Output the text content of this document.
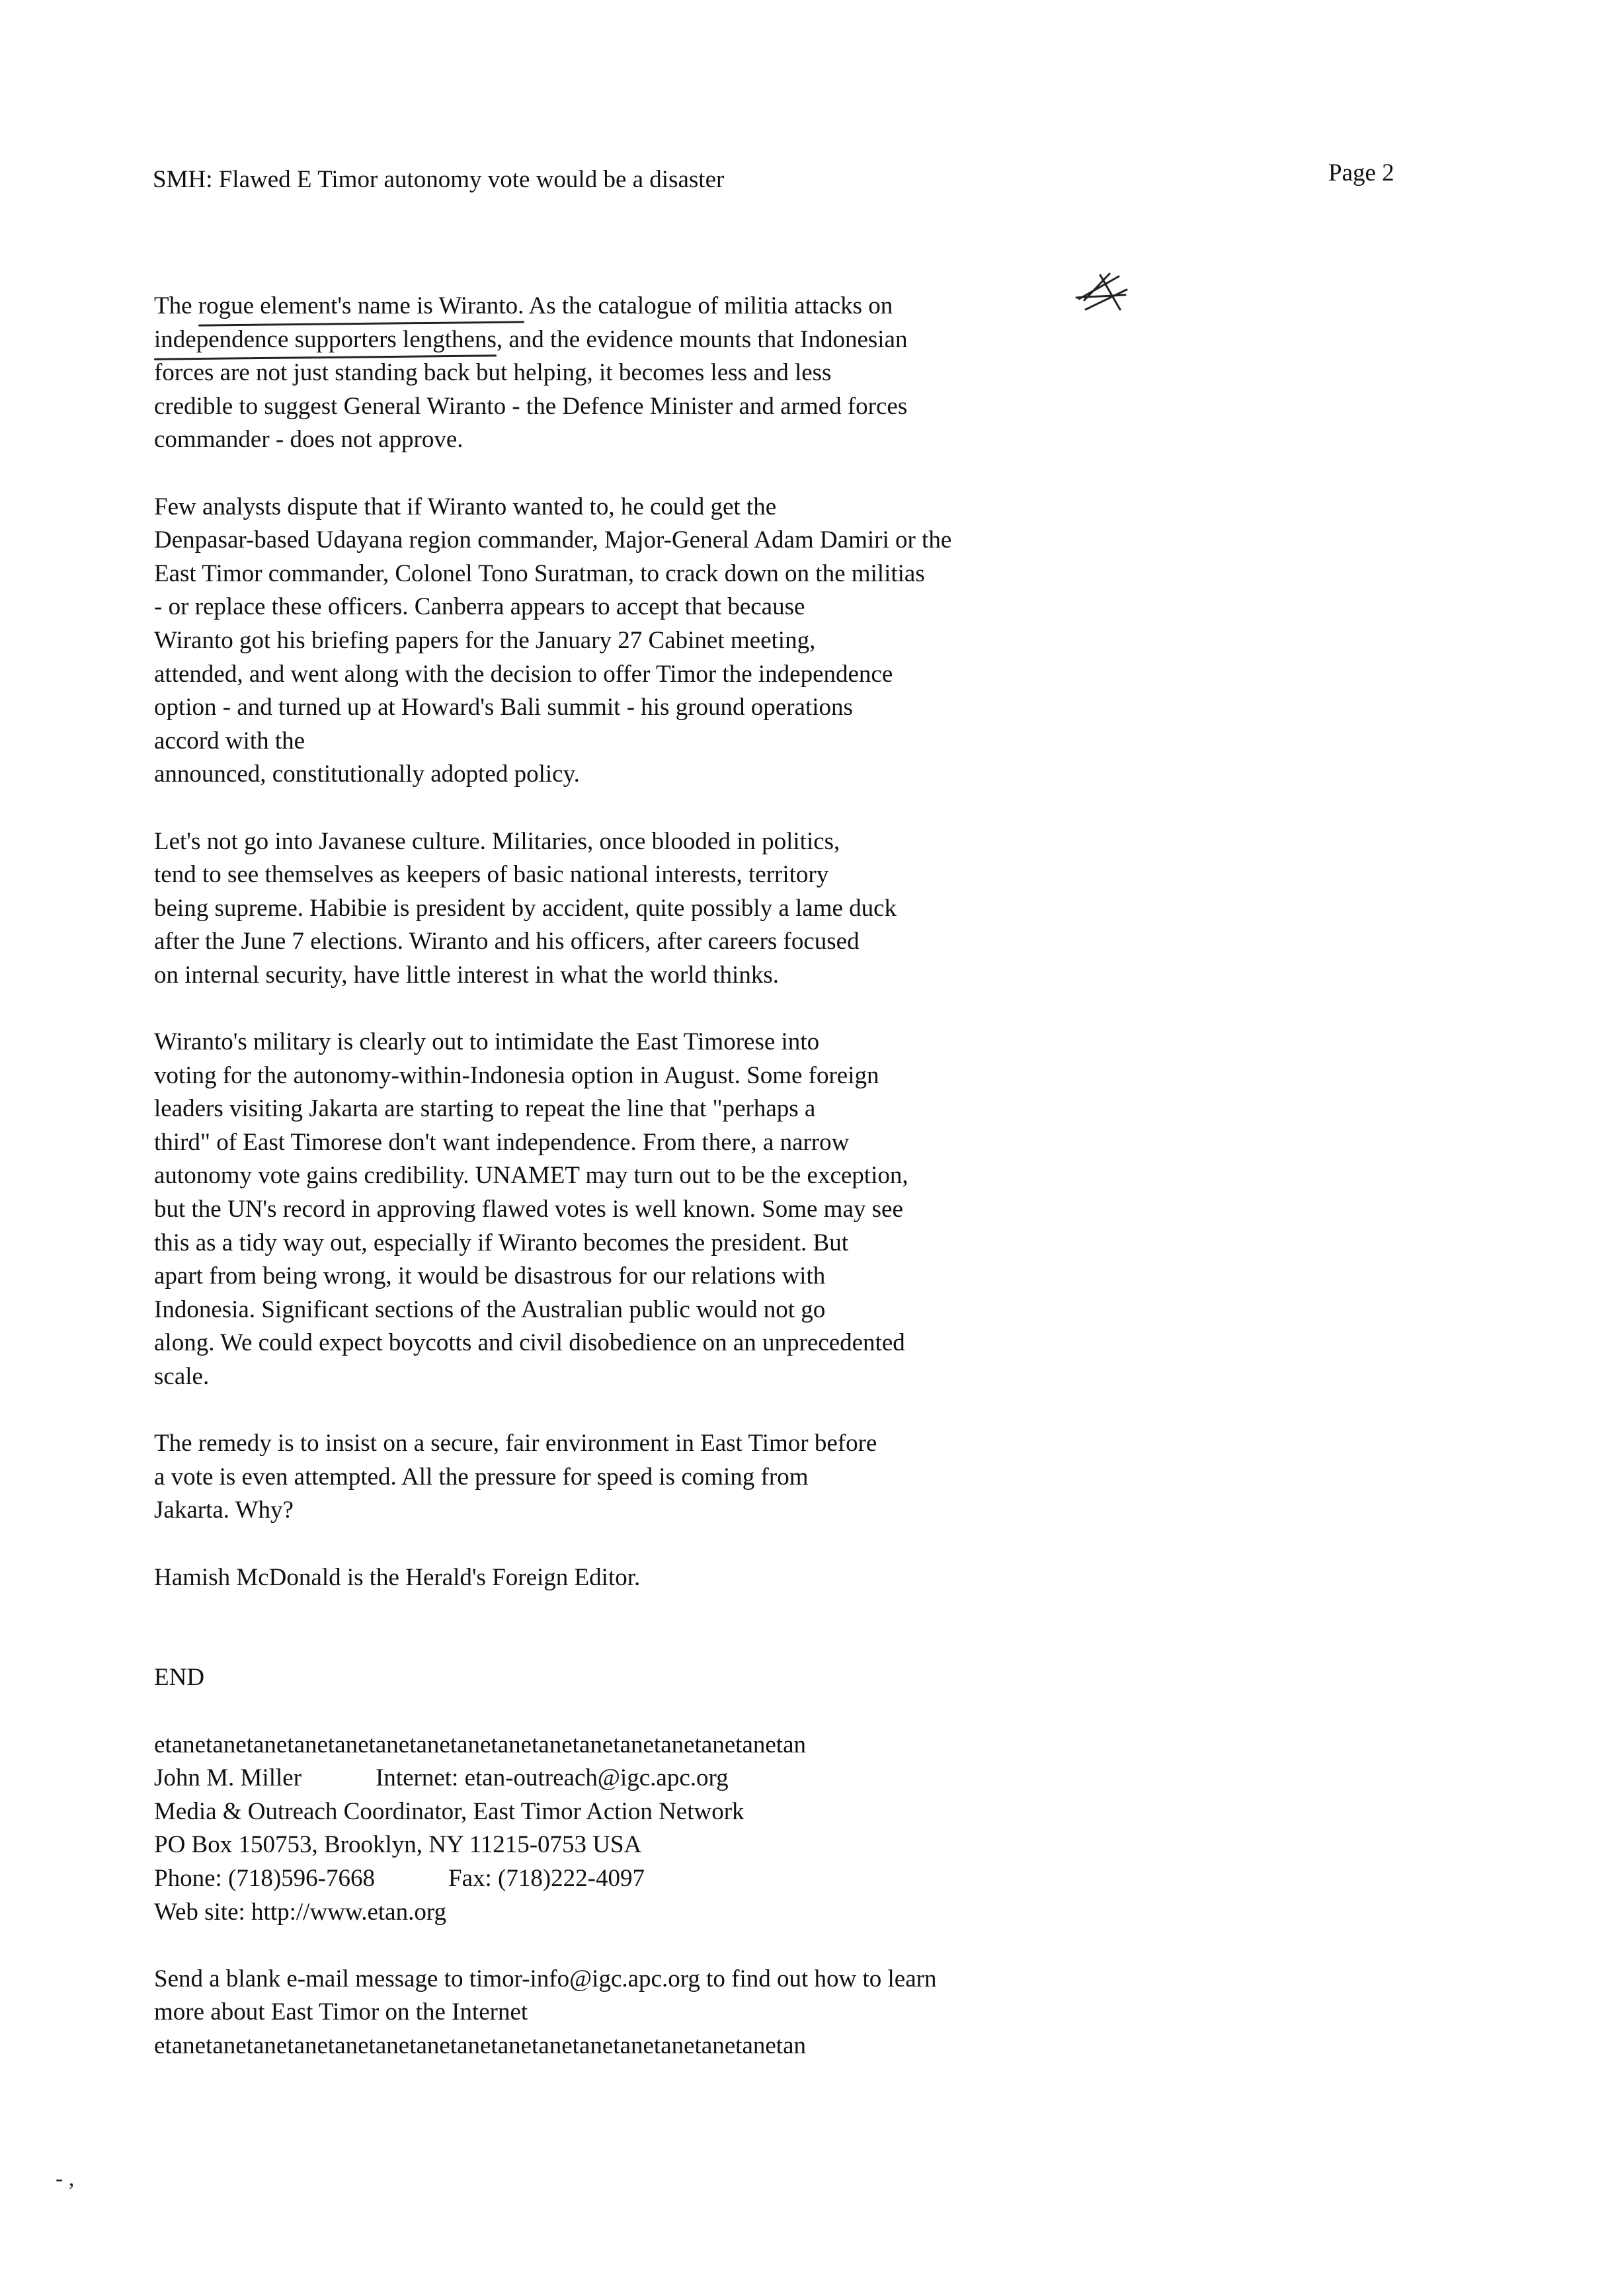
SMH: Flawed E Timor autonomy vote would be a disaster	Page 2
The rogue element's name is Wiranto. As the catalogue of militia attacks on
independence supporters lengthens, and the evidence mounts that Indonesian
forces are not just standing back but helping, it becomes less and less
credible to suggest General Wiranto - the Defence Minister and armed forces
commander - does not approve.
Few analysts dispute that if Wiranto wanted to, he could get the
Denpasar-based Udayana region commander, Major-General Adam Damiri or the
East Timor commander, Colonel Tono Suratman, to crack down on the militias
- or replace these officers. Canberra appears to accept that because
Wiranto got his briefing papers for the January 27 Cabinet meeting,
attended, and went along with the decision to offer Timor the independence
option - and turned up at Howard's Bali summit - his ground operations
accord with the
announced, constitutionally adopted policy.
Let's not go into Javanese culture. Militaries, once blooded in politics,
tend to see themselves as keepers of basic national interests, territory
being supreme. Habibie is president by accident, quite possibly a lame duck
after the June 7 elections. Wiranto and his officers, after careers focused
on internal security, have little interest in what the world thinks.
Wiranto's military is clearly out to intimidate the East Timorese into
voting for the autonomy-within-Indonesia option in August. Some foreign
leaders visiting Jakarta are starting to repeat the line that "perhaps a
third" of East Timorese don't want independence. From there, a narrow
autonomy vote gains credibility. UNAMET may turn out to be the exception,
but the UN's record in approving flawed votes is well known. Some may see
this as a tidy way out, especially if Wiranto becomes the president. But
apart from being wrong, it would be disastrous for our relations with
Indonesia. Significant sections of the Australian public would not go
along. We could expect boycotts and civil disobedience on an unprecedented
scale.
The remedy is to insist on a secure, fair environment in East Timor before
a vote is even attempted. All the pressure for speed is coming from
Jakarta. Why?
Hamish McDonald is the Herald's Foreign Editor.
END
etanetanetanetanetanetanetanetanetanetanetanetanetanetanetanetan
John M. Miller	Internet: etan-outreach@igc.apc.org
Media & Outreach Coordinator, East Timor Action Network
PO Box 150753, Brooklyn, NY 11215-0753 USA
Phone: (718)596-7668	Fax: (718)222-4097
Web site: http://www.etan.org
Send a blank e-mail message to timor-info@igc.apc.org to find out how to learn
more about East Timor on the Internet
etanetanetanetanetanetanetanetanetanetanetanetanetanetanetanetan
- ,
